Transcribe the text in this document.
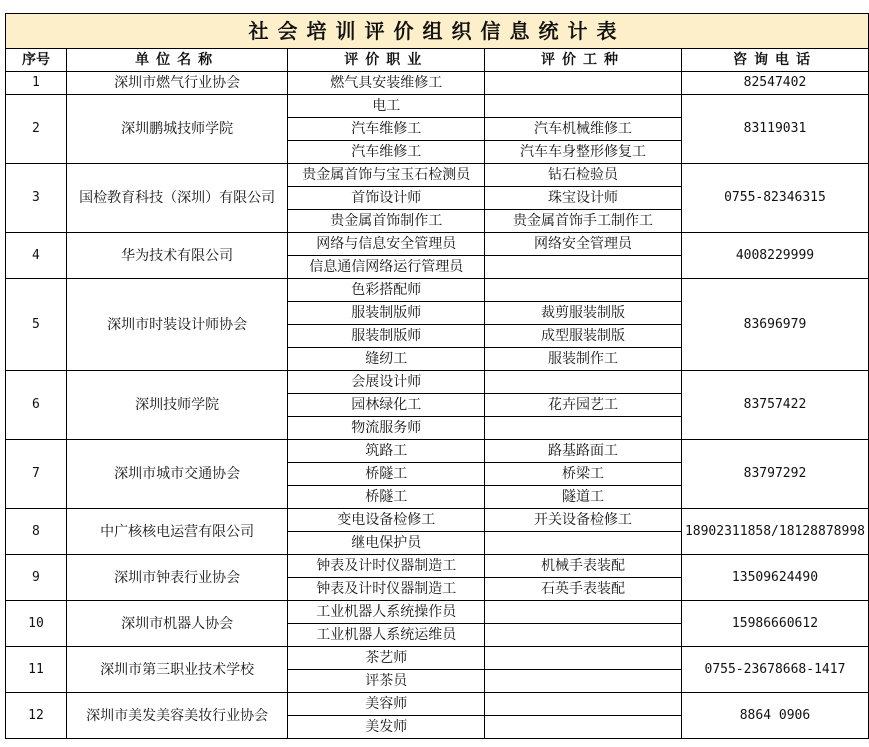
社会培训评价组织信息统计表				
序号	单位名称	评价职业	评价工种	咨询电话
1	深圳市燃气行业协会	燃气具安装维修工		82547402
2	深圳鹏城技师学院	电工		83119031
		汽车维修工	汽车机械维修工	
		汽车维修工	汽车车身整形修复工	
3	国检教育科技（深圳）有限公司	贵金属首饰与宝玉石检测员	钻石检验员	0755-82346315
		首饰设计师	珠宝设计师	
		贵金属首饰制作工	贵金属首饰手工制作工	
4	华为技术有限公司	网络与信息安全管理员	网络安全管理员	4008229999
		信息通信网络运行管理员		
5	深圳市时装设计师协会	色彩搭配师		83696979
		服装制版师	裁剪服装制版	
		服装制版师	成型服装制版	
		缝纫工	服装制作工	
6	深圳技师学院	会展设计师		83757422
		园林绿化工	花卉园艺工	
		物流服务师		
7	深圳市城市交通协会	筑路工	路基路面工	83797292
		桥隧工	桥梁工	
		桥隧工	隧道工	
8	中广核核电运营有限公司	变电设备检修工	开关设备检修工	18902311858/18128878998
		继电保护员		
9	深圳市钟表行业协会	钟表及计时仪器制造工	机械手表装配	13509624490
		钟表及计时仪器制造工	石英手表装配	
10	深圳市机器人协会	工业机器人系统操作员		15986660612
		工业机器人系统运维员		
11	深圳市第三职业技术学校	茶艺师		0755-23678668-1417
		评茶员		
12	深圳市美发美容美妆行业协会	美容师		8864 0906
		美发师		
